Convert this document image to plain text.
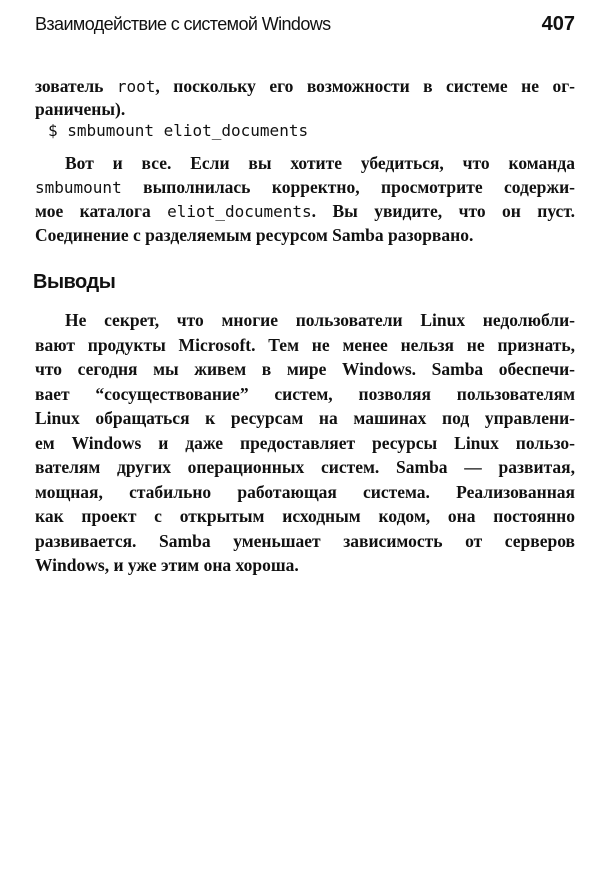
Взаимодействие с системой Windows	407
зователь root, поскольку его возможности в системе не ог-
раничены).
$ smbumount eliot_documents
Вот и все. Если вы хотите убедиться, что команда
smbumount выполнилась корректно, просмотрите содержи-
мое каталога eliot_documents. Вы увидите, что он пуст.
Соединение с разделяемым ресурсом Samba разорвано.
Выводы
Не секрет, что многие пользователи Linux недолюбли-
вают продукты Microsoft. Тем не менее нельзя не признать,
что сегодня мы живем в мире Windows. Samba обеспечи-
вает “сосуществование” систем, позволяя пользователям
Linux обращаться к ресурсам на машинах под управлени-
ем Windows и даже предоставляет ресурсы Linux пользо-
вателям других операционных систем. Samba — развитая,
мощная, стабильно работающая система. Реализованная
как проект с открытым исходным кодом, она постоянно
развивается. Samba уменьшает зависимость от серверов
Windows, и уже этим она хороша.
